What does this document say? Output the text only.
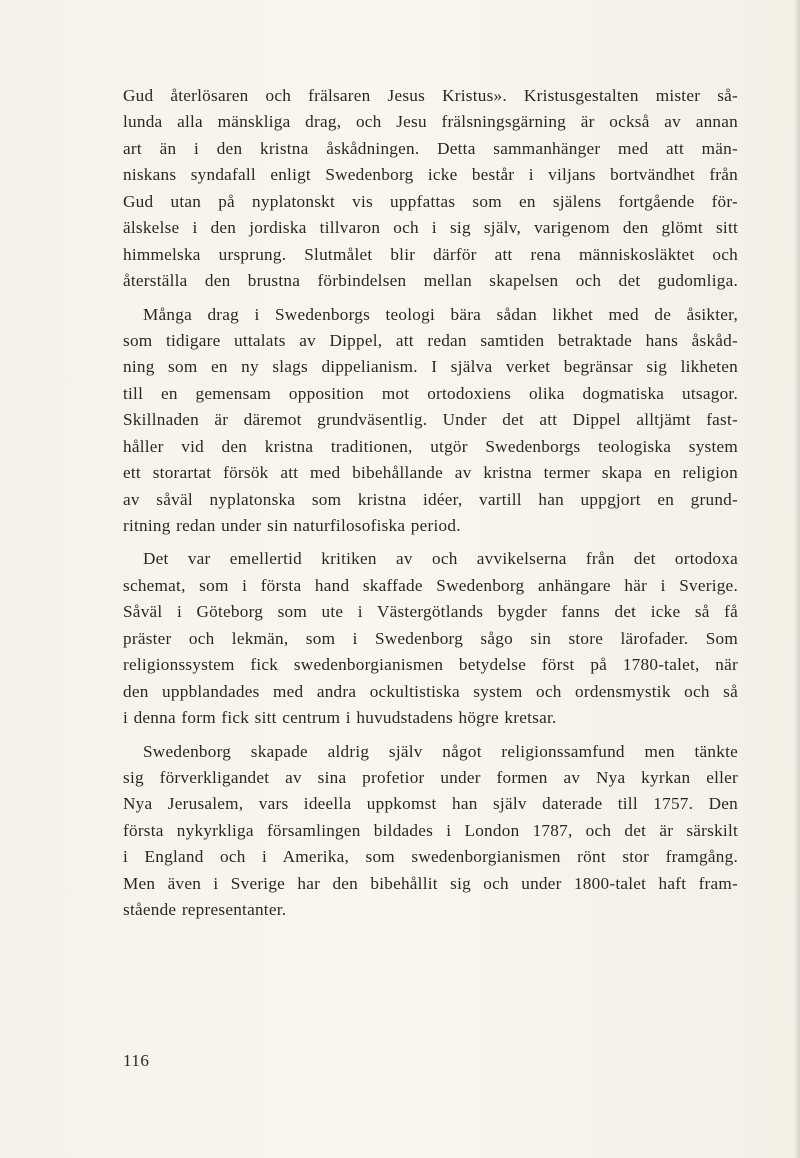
Gud återlösaren och frälsaren Jesus Kristus». Kristusgestalten mister så-
lunda alla mänskliga drag, och Jesu frälsningsgärning är också av annan
art än i den kristna åskådningen. Detta sammanhänger med att män-
niskans syndafall enligt Swedenborg icke består i viljans bortvändhet från
Gud utan på nyplatonskt vis uppfattas som en själens fortgående för-
älskelse i den jordiska tillvaron och i sig själv, varigenom den glömt sitt
himmelska ursprung. Slutmålet blir därför att rena människosläktet och
återställa den brustna förbindelsen mellan skapelsen och det gudomliga.
Många drag i Swedenborgs teologi bära sådan likhet med de åsikter,
som tidigare uttalats av Dippel, att redan samtiden betraktade hans åskåd-
ning som en ny slags dippelianism. I själva verket begränsar sig likheten
till en gemensam opposition mot ortodoxiens olika dogmatiska utsagor.
Skillnaden är däremot grundväsentlig. Under det att Dippel alltjämt fast-
håller vid den kristna traditionen, utgör Swedenborgs teologiska system
ett storartat försök att med bibehållande av kristna termer skapa en religion
av såväl nyplatonska som kristna idéer, vartill han uppgjort en grund-
ritning redan under sin naturfilosofiska period.
Det var emellertid kritiken av och avvikelserna från det ortodoxa
schemat, som i första hand skaffade Swedenborg anhängare här i Sverige.
Såväl i Göteborg som ute i Västergötlands bygder fanns det icke så få
präster och lekmän, som i Swedenborg sågo sin store lärofader. Som
religionssystem fick swedenborgianismen betydelse först på 1780-talet, när
den uppblandades med andra ockultistiska system och ordensmystik och så
i denna form fick sitt centrum i huvudstadens högre kretsar.
Swedenborg skapade aldrig själv något religionssamfund men tänkte
sig förverkligandet av sina profetior under formen av Nya kyrkan eller
Nya Jerusalem, vars ideella uppkomst han själv daterade till 1757. Den
första nykyrkliga församlingen bildades i London 1787, och det är särskilt
i England och i Amerika, som swedenborgianismen rönt stor framgång.
Men även i Sverige har den bibehållit sig och under 1800-talet haft fram-
stående representanter.
116
